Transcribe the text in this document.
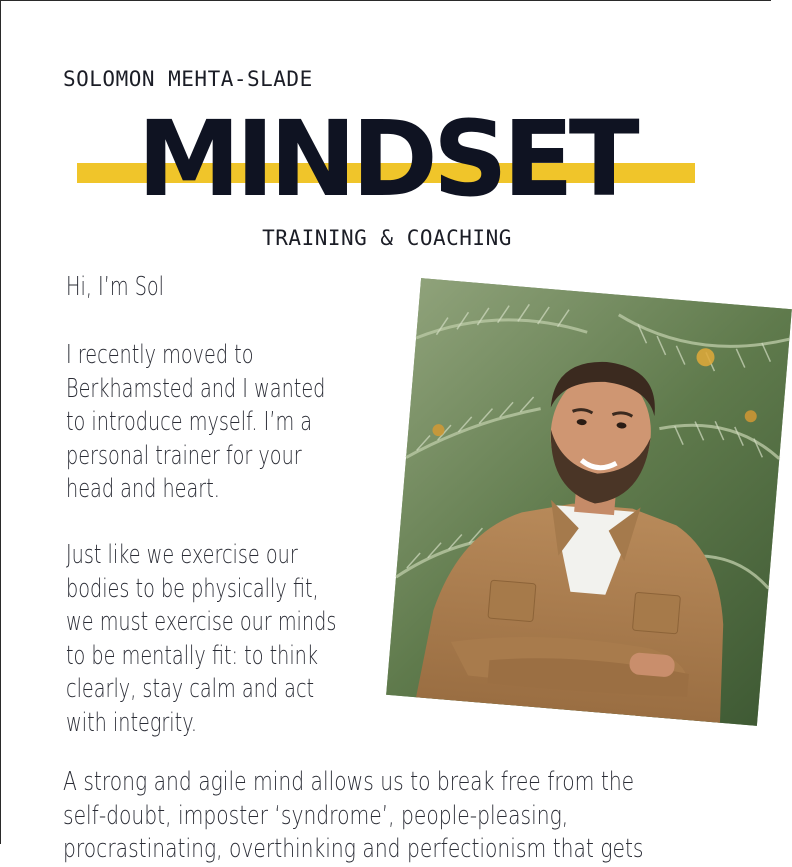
SOLOMON MEHTA-SLADE
MINDSET
TRAINING & COACHING
Hi, I’m Sol
I recently moved to
Berkhamsted and I wanted
to introduce myself. I’m a
personal trainer for your
head and heart.
Just like we exercise our
bodies to be physically fit,
we must exercise our minds
to be mentally fit: to think
clearly, stay calm and act
with integrity.
A strong and agile mind allows us to break free from the
self-doubt, imposter ‘syndrome’, people-pleasing,
procrastinating, overthinking and perfectionism that gets
